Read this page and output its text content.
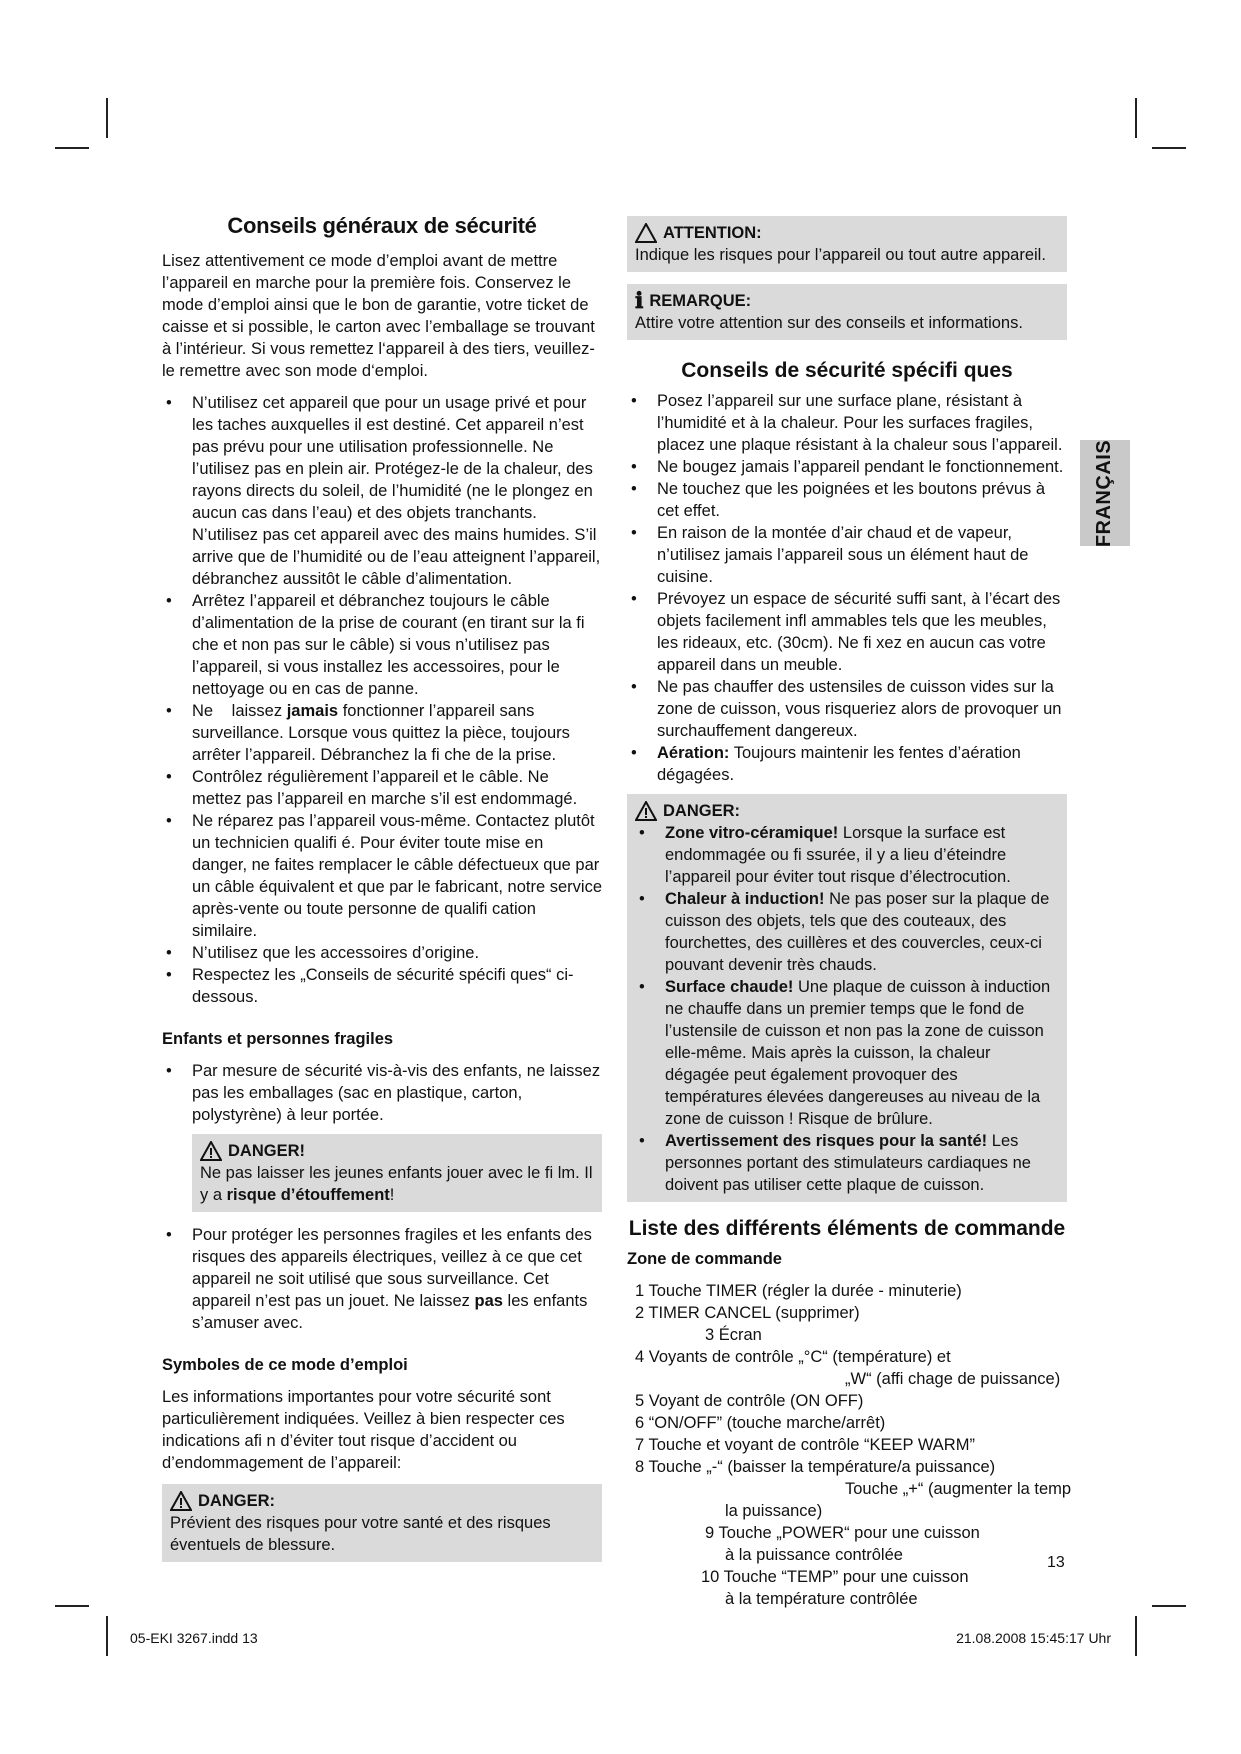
Conseils généraux de sécurité

Lisez attentivement ce mode d’emploi avant de mettre l’appareil en marche pour la première fois. Conservez le mode d’emploi ainsi que le bon de garantie, votre ticket de caisse et si possible, le carton avec l’emballage se trouvant à l’intérieur. Si vous remettez l‘appareil à des tiers, veuillez-le remettre avec son mode d‘emploi.

• N’utilisez cet appareil que pour un usage privé et pour les taches auxquelles il est destiné. Cet appareil n’est pas prévu pour une utilisation professionnelle. Ne l’utilisez pas en plein air. Protégez-le de la chaleur, des rayons directs du soleil, de l’humidité (ne le plongez en aucun cas dans l’eau) et des objets tranchants. N’utilisez pas cet appareil avec des mains humides. S’il arrive que de l’humidité ou de l’eau atteignent l’appareil, débranchez aussitôt le câble d’alimentation.
• Arrêtez l’appareil et débranchez toujours le câble d’alimentation de la prise de courant (en tirant sur la fi che et non pas sur le câble) si vous n’utilisez pas l’appareil, si vous installez les accessoires, pour le nettoyage ou en cas de panne.
• Ne laissez jamais fonctionner l’appareil sans surveillance. Lorsque vous quittez la pièce, toujours arrêter l’appareil. Débranchez la fi che de la prise.
• Contrôlez régulièrement l’appareil et le câble. Ne mettez pas l’appareil en marche s’il est endommagé.
• Ne réparez pas l’appareil vous-même. Contactez plutôt un technicien qualifi é. Pour éviter toute mise en danger, ne faites remplacer le câble défectueux que par un câble équivalent et que par le fabricant, notre service après-vente ou toute personne de qualifi cation similaire.
• N’utilisez que les accessoires d’origine.
• Respectez les „Conseils de sécurité spécifi ques“ ci-dessous.
Enfants et personnes fragiles
• Par mesure de sécurité vis-à-vis des enfants, ne laissez pas les emballages (sac en plastique, carton, polystyrène) à leur portée.
DANGER!
Ne pas laisser les jeunes enfants jouer avec le fi lm. Il y a risque d’étouffement!
• Pour protéger les personnes fragiles et les enfants des risques des appareils électriques, veillez à ce que cet appareil ne soit utilisé que sous surveillance. Cet appareil n’est pas un jouet. Ne laissez pas les enfants s’amuser avec.
Symboles de ce mode d’emploi

Les informations importantes pour votre sécurité sont particulièrement indiquées. Veillez à bien respecter ces indications afi n d’éviter tout risque d’accident ou d’endommagement de l’appareil:

DANGER:
Prévient des risques pour votre santé et des risques éventuels de blessure.
ATTENTION:
Indique les risques pour l’appareil ou tout autre appareil.
ℹ REMARQUE:
Attire votre attention sur des conseils et informations.
Conseils de sécurité spécifi ques
• Posez l’appareil sur une surface plane, résistant à l’humidité et à la chaleur. Pour les surfaces fragiles, placez une plaque résistant à la chaleur sous l’appareil.
• Ne bougez jamais l’appareil pendant le fonctionnement.
• Ne touchez que les poignées et les boutons prévus à cet effet.
• En raison de la montée d’air chaud et de vapeur, n’utilisez jamais l’appareil sous un élément haut de cuisine.
• Prévoyez un espace de sécurité suffi sant, à l’écart des objets facilement infl ammables tels que les meubles, les rideaux, etc. (30cm). Ne fi xez en aucun cas votre appareil dans un meuble.
• Ne pas chauffer des ustensiles de cuisson vides sur la zone de cuisson, vous risqueriez alors de provoquer un surchauffement dangereux.
• Aération: Toujours maintenir les fentes d’aération dégagées.
DANGER:
• Zone vitro-céramique! Lorsque la surface est endommagée ou fi ssurée, il y a lieu d’éteindre l’appareil pour éviter tout risque d’électrocution.
• Chaleur à induction! Ne pas poser sur la plaque de cuisson des objets, tels que des couteaux, des fourchettes, des cuillères et des couvercles, ceux-ci pouvant devenir très chauds.
• Surface chaude! Une plaque de cuisson à induction ne chauffe dans un premier temps que le fond de l’ustensile de cuisson et non pas la zone de cuisson elle-même. Mais après la cuisson, la chaleur dégagée peut également provoquer des températures élevées dangereuses au niveau de la zone de cuisson ! Risque de brûlure.
• Avertissement des risques pour la santé! Les personnes portant des stimulateurs cardiaques ne doivent pas utiliser cette plaque de cuisson.
Liste des différents éléments de commande
Zone de commande
1 Touche TIMER (régler la durée - minuterie)
2 TIMER CANCEL (supprimer)
3 Écran
4 Voyants de contrôle „°C“ (température) et
„W“ (affi chage de puissance)
5 Voyant de contrôle (ON OFF)
6 “ON/OFF” (touche marche/arrêt)
7 Touche et voyant de contrôle “KEEP WARM”
8 Touche „-“ (baisser la température/a puissance)
Touche „+“ (augmenter la temp
la puissance)
9 Touche „POWER“ pour une cuisson
à la puissance contrôlée
10 Touche “TEMP” pour une cuisson
à la température contrôlée
FRANÇAIS
13
05-EKI 3267.indd 13	21.08.2008 15:45:17 Uhr
